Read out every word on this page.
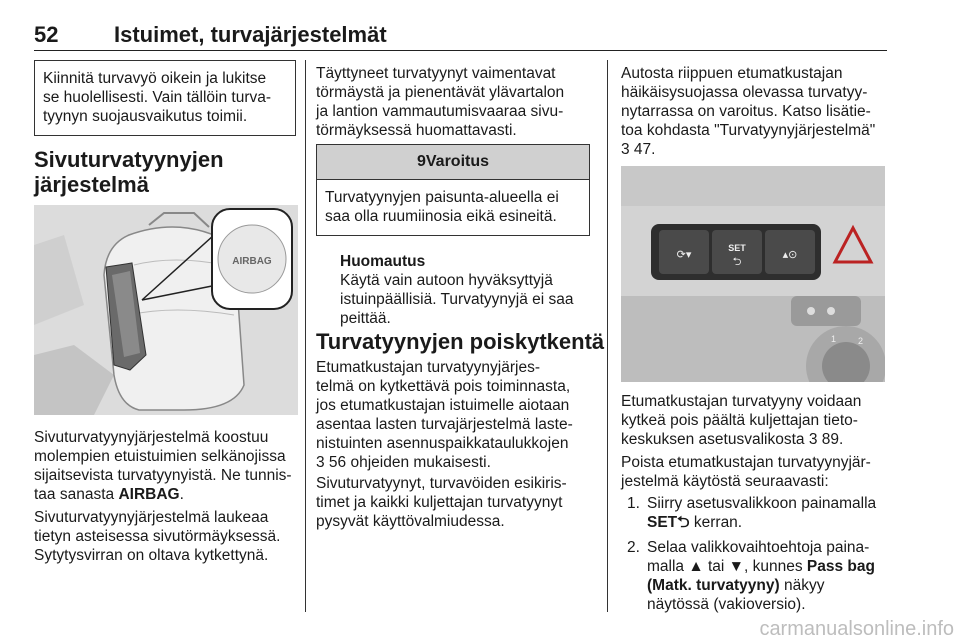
52	Istuimet, turvajärjestelmät

Kiinnitä turvavyö oikein ja lukitse

se huolellisesti. Vain tällöin turva-

tyynyn suojausvaikutus toimii.

Sivuturvatyynyjen
järjestelmä
AIRBAG

Sivuturvatyynyjärjestelmä koostuu

molempien etuistuimien selkänojissa

sijaitsevista turvatyynyistä. Ne tunnis-

taa sanasta AIRBAG.

Sivuturvatyynyjärjestelmä laukeaa

tietyn asteisessa sivutörmäyksessä.

Sytytysvirran on oltava kytkettynä.

Täyttyneet turvatyynyt vaimentavat

törmäystä ja pienentävät ylävartalon

ja lantion vammautumisvaaraa sivu-

törmäyksessä huomattavasti.

9Varoitus
Turvatyynyjen paisunta-alueella ei
saa olla ruumiinosia eikä esineitä.

Huomautus

Käytä vain autoon hyväksyttyjä

istuinpäällisiä. Turvatyynyjä ei saa

peittää.

Turvatyynyjen poiskytkentä

Etumatkustajan turvatyynyjärjes-

telmä on kytkettävä pois toiminnasta,

jos etumatkustajan istuimelle aiotaan

asentaa lasten turvajärjestelmä laste-

nistuinten asennuspaikkataulukkojen

3 56 ohjeiden mukaisesti.

Sivuturvatyynyt, turvavöiden esikiris-

timet ja kaikki kuljettajan turvatyynyt

pysyvät käyttövalmiudessa.

Autosta riippuen etumatkustajan

häikäisysuojassa olevassa turvatyy-

nytarrassa on varoitus. Katso lisätie-

toa kohdasta "Turvatyynyjärjestelmä"

3 47.

⟳▾
SET
⮌
▴⊙
2
1

Etumatkustajan turvatyyny voidaan

kytkeä pois päältä kuljettajan tieto-

keskuksen asetusvalikosta 3 89.

Poista etumatkustajan turvatyynyjär-

jestelmä käytöstä seuraavasti:

1. Siirry asetusvalikkoon painamalla
SET⮌ kerran.
2. Selaa valikkovaihtoehtoja paina-
malla ▲ tai ▼, kunnes Pass bag
(Matk. turvatyyny) näkyy
näytössä (vakioversio).
carmanualsonline.info
